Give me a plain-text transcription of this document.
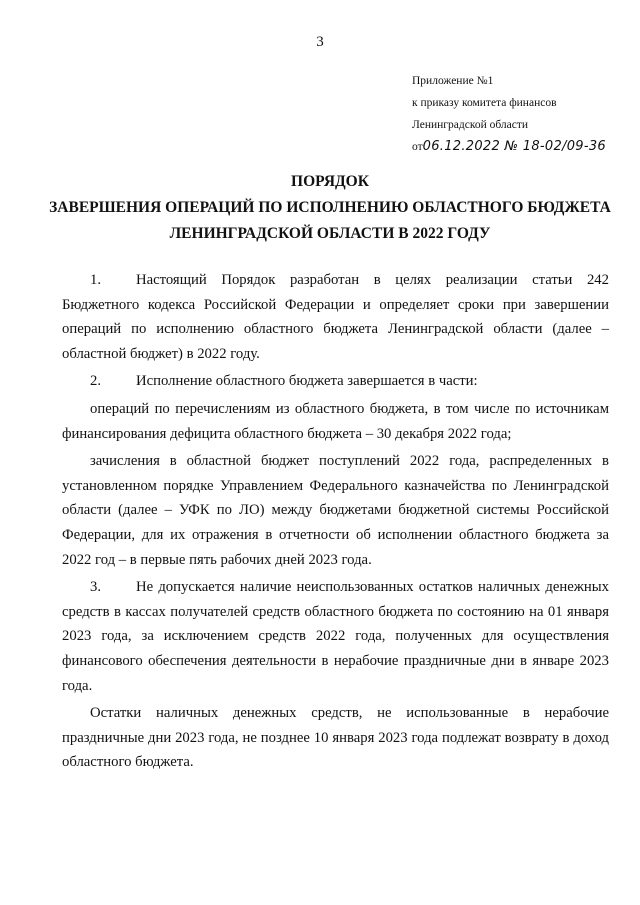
3
Приложение №1
к приказу комитета финансов
Ленинградской области
от06.12.2022 № 18-02/09-36
ПОРЯДОК
ЗАВЕРШЕНИЯ ОПЕРАЦИЙ ПО ИСПОЛНЕНИЮ ОБЛАСТНОГО БЮДЖЕТА
ЛЕНИНГРАДСКОЙ ОБЛАСТИ В 2022 ГОДУ

1. Настоящий Порядок разработан в целях реализации статьи 242 Бюджетного кодекса Российской Федерации и определяет сроки при завершении операций по исполнению областного бюджета Ленинградской области (далее – областной бюджет) в 2022 году.

2. Исполнение областного бюджета завершается в части:

операций по перечислениям из областного бюджета, в том числе по источникам финансирования дефицита областного бюджета – 30 декабря 2022 года;

зачисления в областной бюджет поступлений 2022 года, распределенных в установленном порядке Управлением Федерального казначейства по Ленинградской области (далее – УФК по ЛО) между бюджетами бюджетной системы Российской Федерации, для их отражения в отчетности об исполнении областного бюджета за 2022 год – в первые пять рабочих дней 2023 года.

3. Не допускается наличие неиспользованных остатков наличных денежных средств в кассах получателей средств областного бюджета по состоянию на 01 января 2023 года, за исключением средств 2022 года, полученных для осуществления финансового обеспечения деятельности в нерабочие праздничные дни в январе 2023 года.

Остатки наличных денежных средств, не использованные в нерабочие праздничные дни 2023 года, не позднее 10 января 2023 года подлежат возврату в доход областного бюджета.
